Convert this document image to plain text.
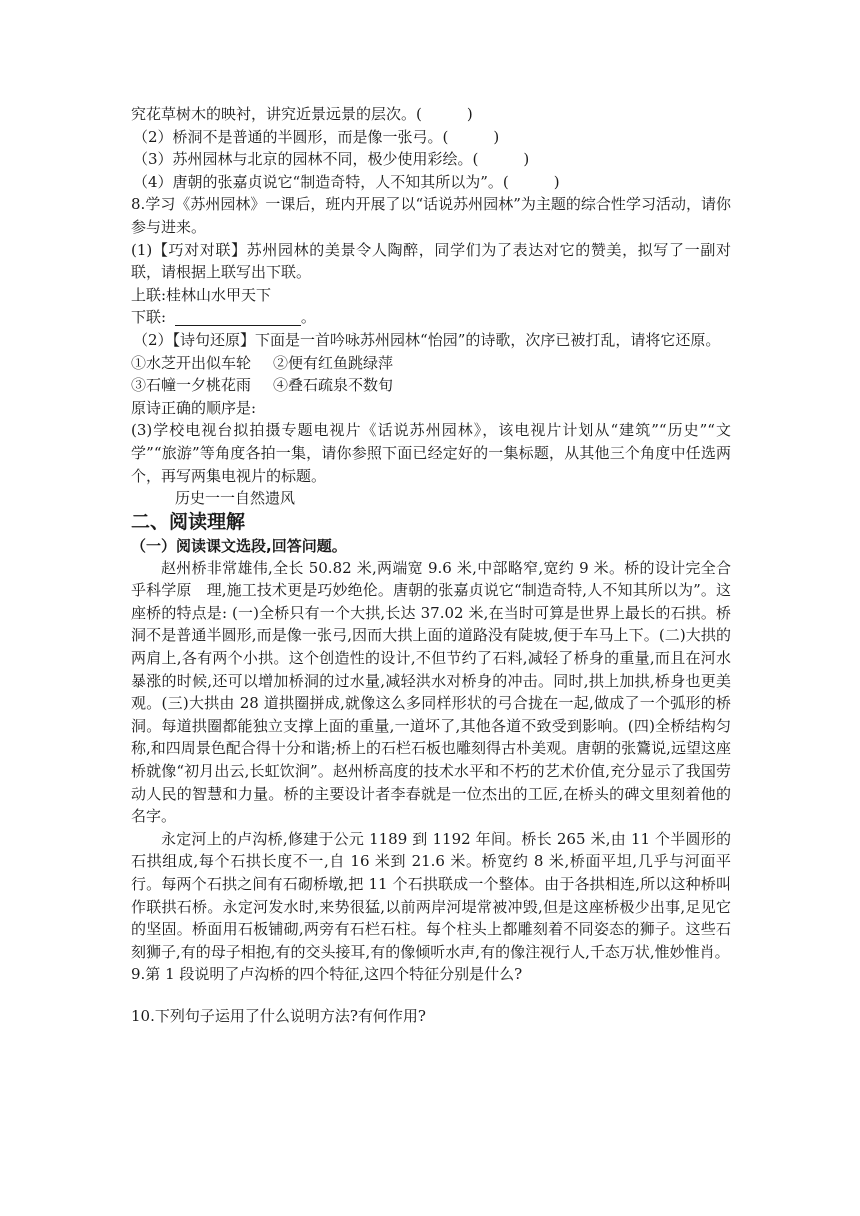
究花草树木的映衬，讲究近景远景的层次。(　　　)
（2）桥洞不是普通的半圆形，而是像一张弓。(　　　)
（3）苏州园林与北京的园林不同，极少使用彩绘。(　　　)
（4）唐朝的张嘉贞说它“制造奇特，人不知其所以为”。(　　　)
8.学习《苏州园林》一课后，班内开展了以“话说苏州园林”为主题的综合性学习活动，请你参与进来。
(1)【巧对对联】苏州园林的美景令人陶醉，同学们为了表达对它的赞美，拟写了一副对联，请根据上联写出下联。
上联:桂林山水甲天下
下联:	。
（2）【诗句还原】下面是一首吟咏苏州园林“怡园”的诗歌，次序已被打乱，请将它还原。
①水芝开出似车轮 ②便有红鱼跳绿萍
③石幢一夕桃花雨 ④叠石疏泉不数旬
原诗正确的顺序是:
(3)学校电视台拟拍摄专题电视片《话说苏州园林》，该电视片计划从“建筑”“历史”“文学”“旅游”等角度各拍一集，请你参照下面已经定好的一集标题，从其他三个角度中任选两个，再写两集电视片的标题。
历史一一自然遗风
二、阅读理解
（一）阅读课文选段,回答问题。
赵州桥非常雄伟,全长 50.82 米,两端宽 9.6 米,中部略窄,宽约 9 米。桥的设计完全合乎科学原　理,施工技术更是巧妙绝伦。唐朝的张嘉贞说它“制造奇特,人不知其所以为”。这座桥的特点是: (一)全桥只有一个大拱,长达 37.02 米,在当时可算是世界上最长的石拱。桥洞不是普通半圆形,而是像一张弓,因而大拱上面的道路没有陡坡,便于车马上下。(二)大拱的两肩上,各有两个小拱。这个创造性的设计,不但节约了石料,减轻了桥身的重量,而且在河水暴涨的时候,还可以增加桥洞的过水量,减轻洪水对桥身的冲击。同时,拱上加拱,桥身也更美观。(三)大拱由 28 道拱圈拼成,就像这么多同样形状的弓合拢在一起,做成了一个弧形的桥洞。每道拱圈都能独立支撑上面的重量,一道坏了,其他各道不致受到影响。(四)全桥结构匀称,和四周景色配合得十分和谐;桥上的石栏石板也雕刻得古朴美观。唐朝的张鷟说,远望这座桥就像“初月出云,长虹饮涧”。赵州桥高度的技术水平和不朽的艺术价值,充分显示了我国劳动人民的智慧和力量。桥的主要设计者李春就是一位杰出的工匠,在桥头的碑文里刻着他的名字。
永定河上的卢沟桥,修建于公元 1189 到 1192 年间。桥长 265 米,由 11 个半圆形的石拱组成,每个石拱长度不一,自 16 米到 21.6 米。桥宽约 8 米,桥面平坦,几乎与河面平行。每两个石拱之间有石砌桥墩,把 11 个石拱联成一个整体。由于各拱相连,所以这种桥叫作联拱石桥。永定河发水时,来势很猛,以前两岸河堤常被冲毁,但是这座桥极少出事,足见它的坚固。桥面用石板铺砌,两旁有石栏石柱。每个柱头上都雕刻着不同姿态的狮子。这些石刻狮子,有的母子相抱,有的交头接耳,有的像倾听水声,有的像注视行人,千态万状,惟妙惟肖。
9.第 1 段说明了卢沟桥的四个特征,这四个特征分别是什么?
10.下列句子运用了什么说明方法?有何作用?
